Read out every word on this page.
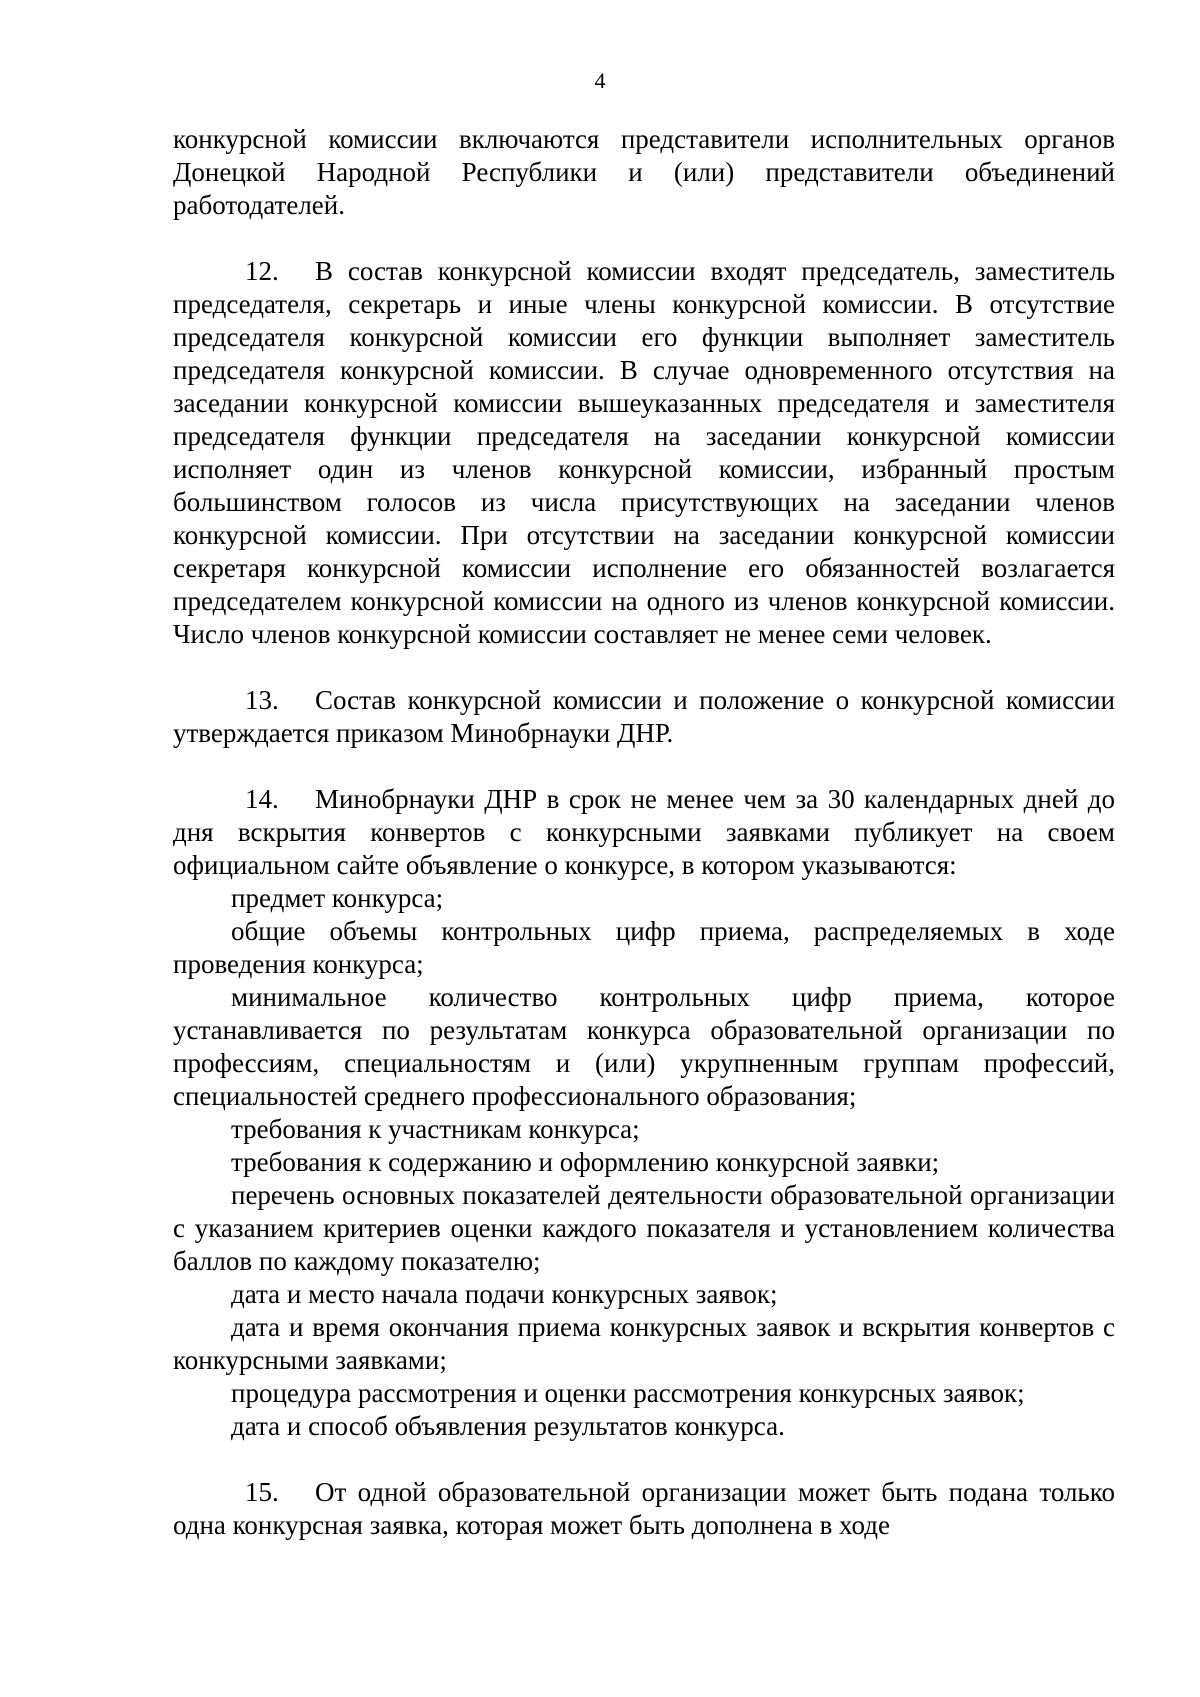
4

конкурсной комиссии включаются представители исполнительных органов Донецкой Народной Республики и (или) представители объединений работодателей.

12. В состав конкурсной комиссии входят председатель, заместитель председателя, секретарь и иные члены конкурсной комиссии. В отсутствие председателя конкурсной комиссии его функции выполняет заместитель председателя конкурсной комиссии. В случае одновременного отсутствия на заседании конкурсной комиссии вышеуказанных председателя и заместителя председателя функции председателя на заседании конкурсной комиссии исполняет один из членов конкурсной комиссии, избранный простым большинством голосов из числа присутствующих на заседании членов конкурсной комиссии. При отсутствии на заседании конкурсной комиссии секретаря конкурсной комиссии исполнение его обязанностей возлагается председателем конкурсной комиссии на одного из членов конкурсной комиссии. Число членов конкурсной комиссии составляет не менее семи человек.

13. Состав конкурсной комиссии и положение о конкурсной комиссии утверждается приказом Минобрнауки ДНР.

14. Минобрнауки ДНР в срок не менее чем за 30 календарных дней до дня вскрытия конвертов с конкурсными заявками публикует на своем официальном сайте объявление о конкурсе, в котором указываются:

предмет конкурса;

общие объемы контрольных цифр приема, распределяемых в ходе проведения конкурса;

минимальное количество контрольных цифр приема, которое устанавливается по результатам конкурса образовательной организации по профессиям, специальностям и (или) укрупненным группам профессий, специальностей среднего профессионального образования;

требования к участникам конкурса;

требования к содержанию и оформлению конкурсной заявки;

перечень основных показателей деятельности образовательной организации с указанием критериев оценки каждого показателя и установлением количества баллов по каждому показателю;

дата и место начала подачи конкурсных заявок;

дата и время окончания приема конкурсных заявок и вскрытия конвертов с конкурсными заявками;

процедура рассмотрения и оценки рассмотрения конкурсных заявок;

дата и способ объявления результатов конкурса.

15. От одной образовательной организации может быть подана только одна конкурсная заявка, которая может быть дополнена в ходе
